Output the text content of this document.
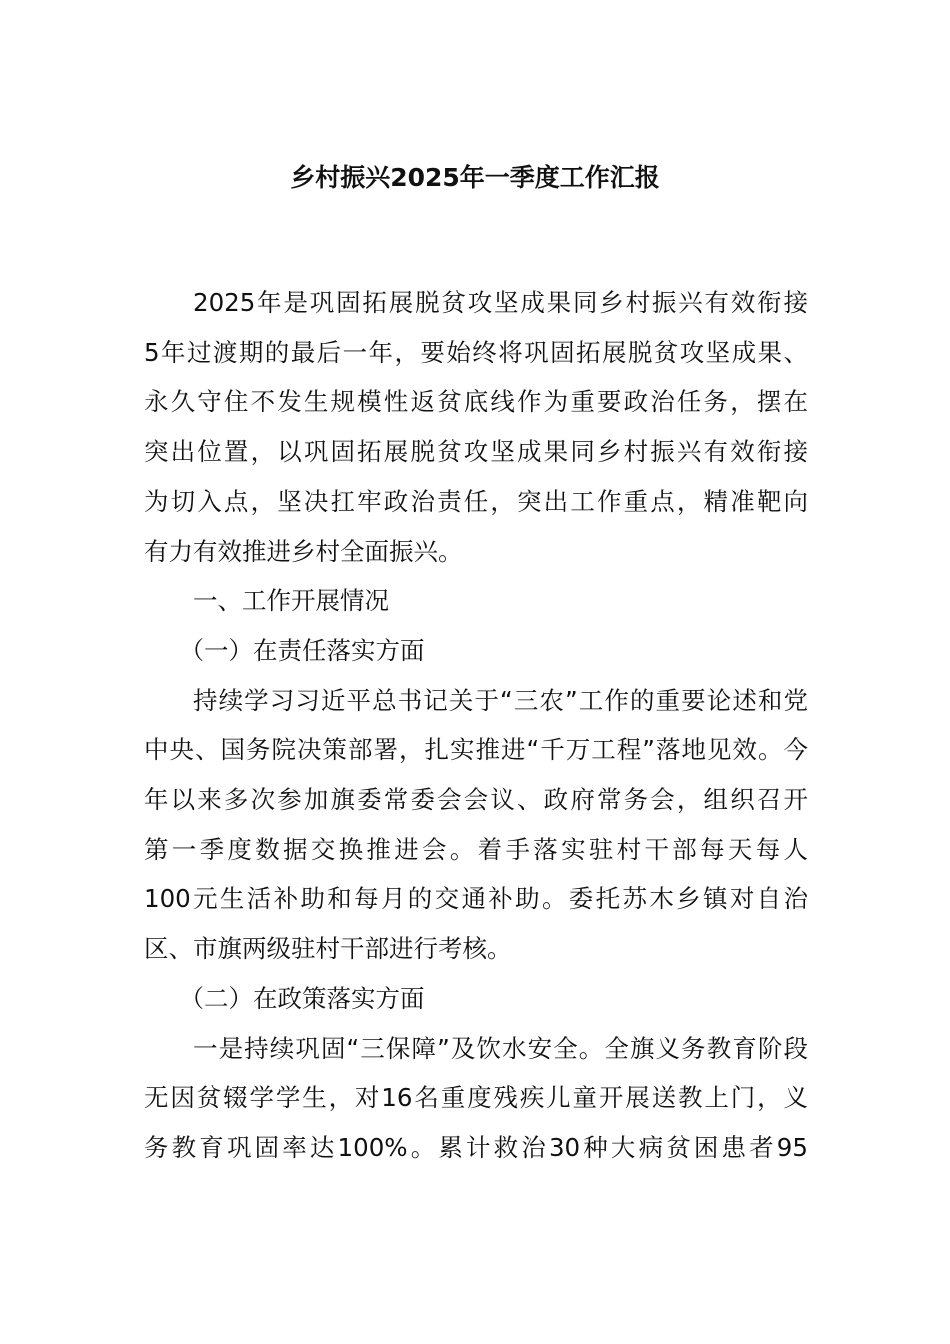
乡村振兴2025年一季度工作汇报

2025年是巩固拓展脱贫攻坚成果同乡村振兴有效衔接
5年过渡期的最后一年，要始终将巩固拓展脱贫攻坚成果、
永久守住不发生规模性返贫底线作为重要政治任务，摆在
突出位置，以巩固拓展脱贫攻坚成果同乡村振兴有效衔接
为切入点，坚决扛牢政治责任，突出工作重点，精准靶向
有力有效推进乡村全面振兴。

一、工作开展情况

（一）在责任落实方面

持续学习习近平总书记关于“三农”工作的重要论述和党
中央、国务院决策部署，扎实推进“千万工程”落地见效。今
年以来多次参加旗委常委会会议、政府常务会，组织召开
第一季度数据交换推进会。着手落实驻村干部每天每人
100元生活补助和每月的交通补助。委托苏木乡镇对自治
区、市旗两级驻村干部进行考核。

（二）在政策落实方面

一是持续巩固“三保障”及饮水安全。全旗义务教育阶段
无因贫辍学学生，对16名重度残疾儿童开展送教上门，义
务教育巩固率达100%。累计救治30种大病贫困患者95
